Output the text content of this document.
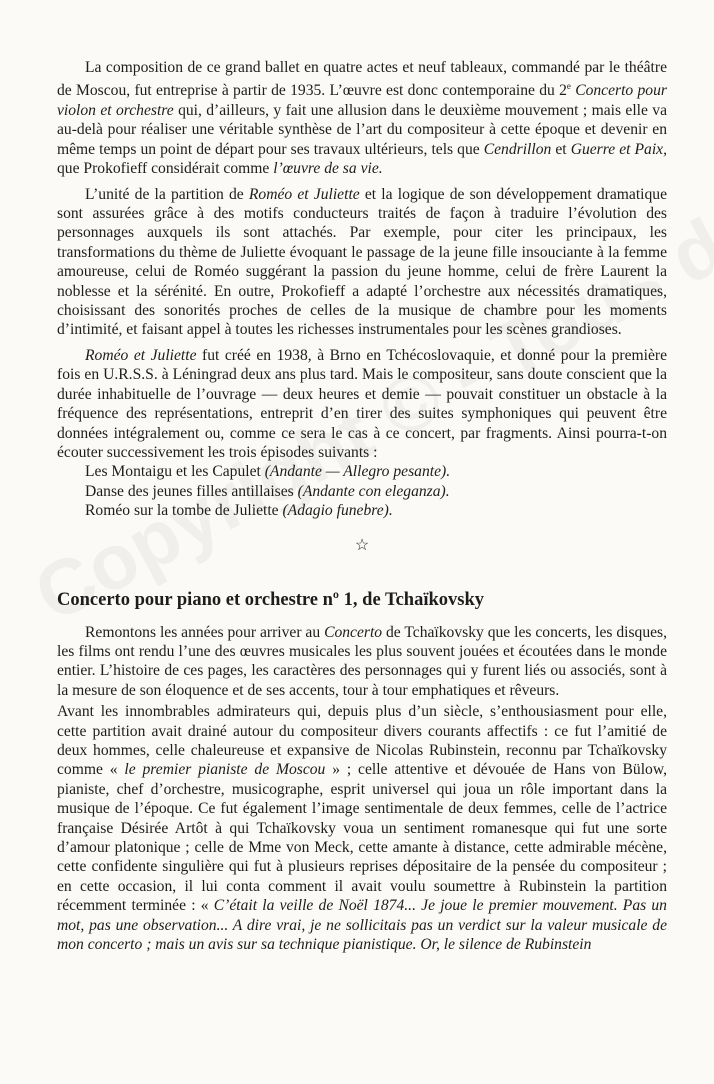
La composition de ce grand ballet en quatre actes et neuf tableaux, commandé par le théâtre de Moscou, fut entreprise à partir de 1935. L’œuvre est donc contemporaine du 2e Concerto pour violon et orchestre qui, d’ailleurs, y fait une allusion dans le deuxième mouvement ; mais elle va au-delà pour réaliser une véritable synthèse de l’art du compositeur à cette époque et devenir en même temps un point de départ pour ses travaux ultérieurs, tels que Cendrillon et Guerre et Paix, que Prokofieff considérait comme l’œuvre de sa vie.

L’unité de la partition de Roméo et Juliette et la logique de son développement dramatique sont assurées grâce à des motifs conducteurs traités de façon à traduire l’évolution des personnages auxquels ils sont attachés. Par exemple, pour citer les principaux, les transformations du thème de Juliette évoquant le passage de la jeune fille insouciante à la femme amoureuse, celui de Roméo suggérant la passion du jeune homme, celui de frère Laurent la noblesse et la sérénité. En outre, Prokofieff a adapté l’orchestre aux nécessités dramatiques, choisissant des sonorités proches de celles de la musique de chambre pour les moments d’intimité, et faisant appel à toutes les richesses instrumentales pour les scènes grandioses.

Roméo et Juliette fut créé en 1938, à Brno en Tchécoslovaquie, et donné pour la première fois en U.R.S.S. à Léningrad deux ans plus tard. Mais le compositeur, sans doute conscient que la durée inhabituelle de l’ouvrage — deux heures et demie — pouvait constituer un obstacle à la fréquence des représentations, entreprit d’en tirer des suites symphoniques qui peuvent être données intégralement ou, comme ce sera le cas à ce concert, par fragments. Ainsi pourra-t-on écouter successivement les trois épisodes suivants :

Les Montaigu et les Capulet (Andante — Allegro pesante).
Danse des jeunes filles antillaises (Andante con eleganza).
Roméo sur la tombe de Juliette (Adagio funebre).
☆
Concerto pour piano et orchestre nº 1, de Tchaïkovsky

Remontons les années pour arriver au Concerto de Tchaïkovsky que les concerts, les disques, les films ont rendu l’une des œuvres musicales les plus souvent jouées et écoutées dans le monde entier. L’histoire de ces pages, les caractères des personnages qui y furent liés ou associés, sont à la mesure de son éloquence et de ses accents, tour à tour emphatiques et rêveurs.

Avant les innombrables admirateurs qui, depuis plus d’un siècle, s’enthousiasment pour elle, cette partition avait drainé autour du compositeur divers courants affectifs : ce fut l’amitié de deux hommes, celle chaleureuse et expansive de Nicolas Rubinstein, reconnu par Tchaïkovsky comme « le premier pianiste de Moscou » ; celle attentive et dévouée de Hans von Bülow, pianiste, chef d’orchestre, musicographe, esprit universel qui joua un rôle important dans la musique de l’époque. Ce fut également l’image sentimentale de deux femmes, celle de l’actrice française Désirée Artôt à qui Tchaïkovsky voua un sentiment romanesque qui fut une sorte d’amour platonique ; celle de Mme von Meck, cette amante à distance, cette admirable mécène, cette confidente singulière qui fut à plusieurs reprises dépositaire de la pensée du compositeur ; en cette occasion, il lui conta comment il avait voulu soumettre à Rubinstein la partition récemment terminée : « C’était la veille de Noël 1874... Je joue le premier mouvement. Pas un mot, pas une observation... A dire vrai, je ne sollicitais pas un verdict sur la valeur musicale de mon concerto ; mais un avis sur sa technique pianistique. Or, le silence de Rubinstein
